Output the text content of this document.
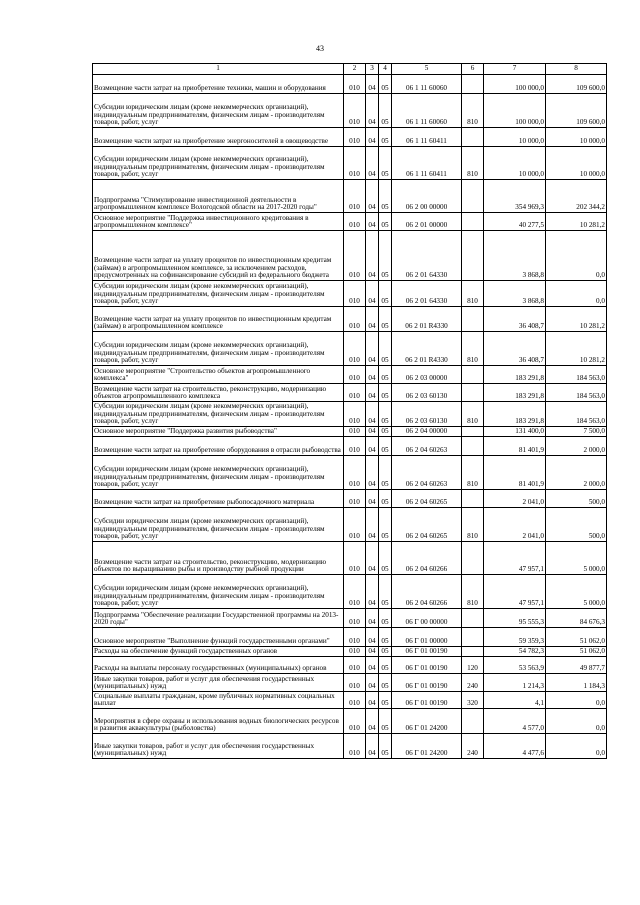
43
1	2	3	4	5	6	7	8
Возмещение части затрат на приобретение техники, машин и оборудования	010	04	05	06 1 11 60060		100 000,0	109 600,0
Субсидии юридическим лицам (кроме некоммерческих организаций), индивидуальным предпринимателям, физическим лицам - производителям товаров, работ, услуг	010	04	05	06 1 11 60060	810	100 000,0	109 600,0
Возмещение части затрат на приобретение энергоносителей в овощеводстве	010	04	05	06 1 11 60411		10 000,0	10 000,0
Субсидии юридическим лицам (кроме некоммерческих организаций), индивидуальным предпринимателям, физическим лицам - производителям товаров, работ, услуг	010	04	05	06 1 11 60411	810	10 000,0	10 000,0
Подпрограмма "Стимулирование инвестиционной деятельности в агропромышленном комплексе Вологодской области на 2017-2020 годы"	010	04	05	06 2 00 00000		354 969,3	202 344,2
Основное мероприятие "Поддержка инвестиционного кредитования в агропромышленном комплексе"	010	04	05	06 2 01 00000		40 277,5	10 281,2
Возмещение части затрат на уплату процентов по инвестиционным кредитам (займам) в агропромышленном комплексе, за исключением расходов, предусмотренных на софинансирование субсидий из федерального бюджета	010	04	05	06 2 01 64330		3 868,8	0,0
Субсидии юридическим лицам (кроме некоммерческих организаций), индивидуальным предпринимателям, физическим лицам - производителям товаров, работ, услуг	010	04	05	06 2 01 64330	810	3 868,8	0,0
Возмещение части затрат на уплату процентов по инвестиционным кредитам (займам) в агропромышленном комплексе	010	04	05	06 2 01 R4330		36 408,7	10 281,2
Субсидии юридическим лицам (кроме некоммерческих организаций), индивидуальным предпринимателям, физическим лицам - производителям товаров, работ, услуг	010	04	05	06 2 01 R4330	810	36 408,7	10 281,2
Основное мероприятие "Строительство объектов агропромышленного комплекса"	010	04	05	06 2 03 00000		183 291,8	184 563,0
Возмещение части затрат на строительство, реконструкцию, модернизацию объектов агропромышленного комплекса	010	04	05	06 2 03 60130		183 291,8	184 563,0
Субсидии юридическим лицам (кроме некоммерческих организаций), индивидуальным предпринимателям, физическим лицам - производителям товаров, работ, услуг	010	04	05	06 2 03 60130	810	183 291,8	184 563,0
Основное мероприятие "Поддержка развития рыбоводства"	010	04	05	06 2 04 00000		131 400,0	7 500,0
Возмещение части затрат на приобретение оборудования в отрасли рыбоводства	010	04	05	06 2 04 60263		81 401,9	2 000,0
Субсидии юридическим лицам (кроме некоммерческих организаций), индивидуальным предпринимателям, физическим лицам - производителям товаров, работ, услуг	010	04	05	06 2 04 60263	810	81 401,9	2 000,0
Возмещение части затрат на приобретение рыбопосадочного материала	010	04	05	06 2 04 60265		2 041,0	500,0
Субсидии юридическим лицам (кроме некоммерческих организаций), индивидуальным предпринимателям, физическим лицам - производителям товаров, работ, услуг	010	04	05	06 2 04 60265	810	2 041,0	500,0
Возмещение части затрат на строительство, реконструкцию, модернизацию объектов по выращиванию рыбы и производству рыбной продукции	010	04	05	06 2 04 60266		47 957,1	5 000,0
Субсидии юридическим лицам (кроме некоммерческих организаций), индивидуальным предпринимателям, физическим лицам - производителям товаров, работ, услуг	010	04	05	06 2 04 60266	810	47 957,1	5 000,0
Подпрограмма "Обеспечение реализации Государственной программы на 2013-2020 годы"	010	04	05	06 Г 00 00000		95 555,3	84 676,3
Основное мероприятие "Выполнение функций государственными органами"	010	04	05	06 Г 01 00000		59 359,3	51 062,0
Расходы на обеспечение функций государственных органов	010	04	05	06 Г 01 00190		54 782,3	51 062,0
Расходы на выплаты персоналу государственных (муниципальных) органов	010	04	05	06 Г 01 00190	120	53 563,9	49 877,7
Иные закупки товаров, работ и услуг для обеспечения государственных (муниципальных) нужд	010	04	05	06 Г 01 00190	240	1 214,3	1 184,3
Социальные выплаты гражданам, кроме публичных нормативных социальных выплат	010	04	05	06 Г 01 00190	320	4,1	0,0
Мероприятия в сфере охраны и использования водных биологических ресурсов и развития аквакультуры (рыболовства)	010	04	05	06 Г 01 24200		4 577,0	0,0
Иные закупки товаров, работ и услуг для обеспечения государственных (муниципальных) нужд	010	04	05	06 Г 01 24200	240	4 477,6	0,0
